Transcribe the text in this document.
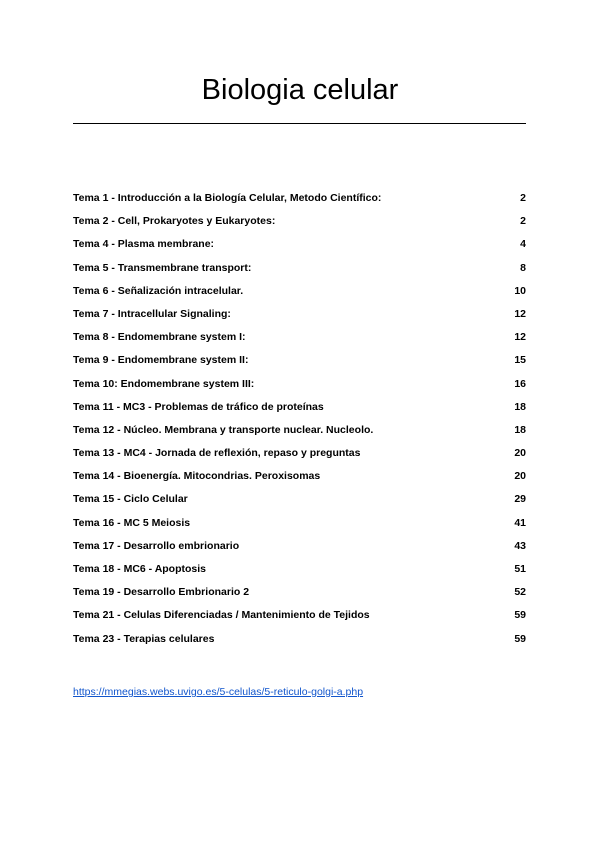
Biologia celular
Tema 1 - Introducción a la Biología Celular, Metodo Científico:	2
Tema 2 - Cell, Prokaryotes y Eukaryotes:	2
Tema 4 - Plasma membrane:	4
Tema 5 - Transmembrane transport:	8
Tema 6 - Señalización intracelular.	10
Tema 7 - Intracellular Signaling:	12
Tema 8 - Endomembrane system I:	12
Tema 9 - Endomembrane system II:	15
Tema 10: Endomembrane system III:	16
Tema 11 - MC3 - Problemas de tráfico de proteínas	18
Tema 12 - Núcleo. Membrana y transporte nuclear. Nucleolo.	18
Tema 13 - MC4 - Jornada de reflexión, repaso y preguntas	20
Tema 14 - Bioenergía. Mitocondrias. Peroxisomas	20
Tema 15 - Ciclo Celular	29
Tema 16 - MC 5 Meiosis	41
Tema 17 - Desarrollo embrionario	43
Tema 18 - MC6 - Apoptosis	51
Tema 19 - Desarrollo Embrionario 2	52
Tema 21 - Celulas Diferenciadas / Mantenimiento de Tejidos	59
Tema 23 - Terapias celulares	59
https://mmegias.webs.uvigo.es/5-celulas/5-reticulo-golgi-a.php
